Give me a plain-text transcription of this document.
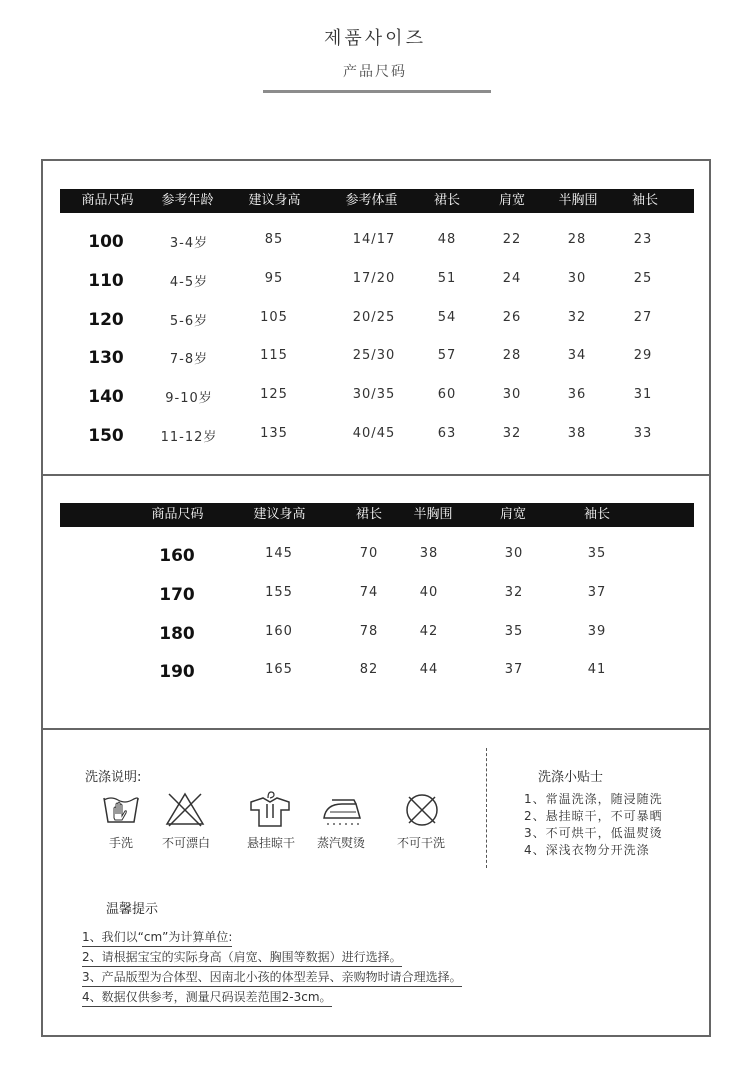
제품사이즈
产品尺码
商品尺码	参考年龄	建议身高	参考体重	裙长	肩宽	半胸围	袖长
100	3-4岁	85	14/17	48	22	28	23
110	4-5岁	95	17/20	51	24	30	25
120	5-6岁	105	20/25	54	26	32	27
130	7-8岁	115	25/30	57	28	34	29
140	9-10岁	125	30/35	60	30	36	31
150	11-12岁	135	40/45	63	32	38	33
商品尺码	建议身高	裙长	半胸围	肩宽	袖长
160	145	70	38	30	35
170	155	74	40	32	37
180	160	78	42	35	39
190	165	82	44	37	41
洗涤说明:
手洗	不可漂白	悬挂晾干	蒸汽熨烫	不可干洗
洗涤小贴士
1、常温洗涤，随浸随洗
2、悬挂晾干，不可暴晒
3、不可烘干，低温熨烫
4、深浅衣物分开洗涤
温馨提示
1、我们以“cm”为计算单位:
2、请根据宝宝的实际身高（肩宽、胸围等数据）进行选择。
3、产品版型为合体型、因南北小孩的体型差异、亲购物时请合理选择。
4、数据仅供参考，测量尺码误差范围2-3cm。
